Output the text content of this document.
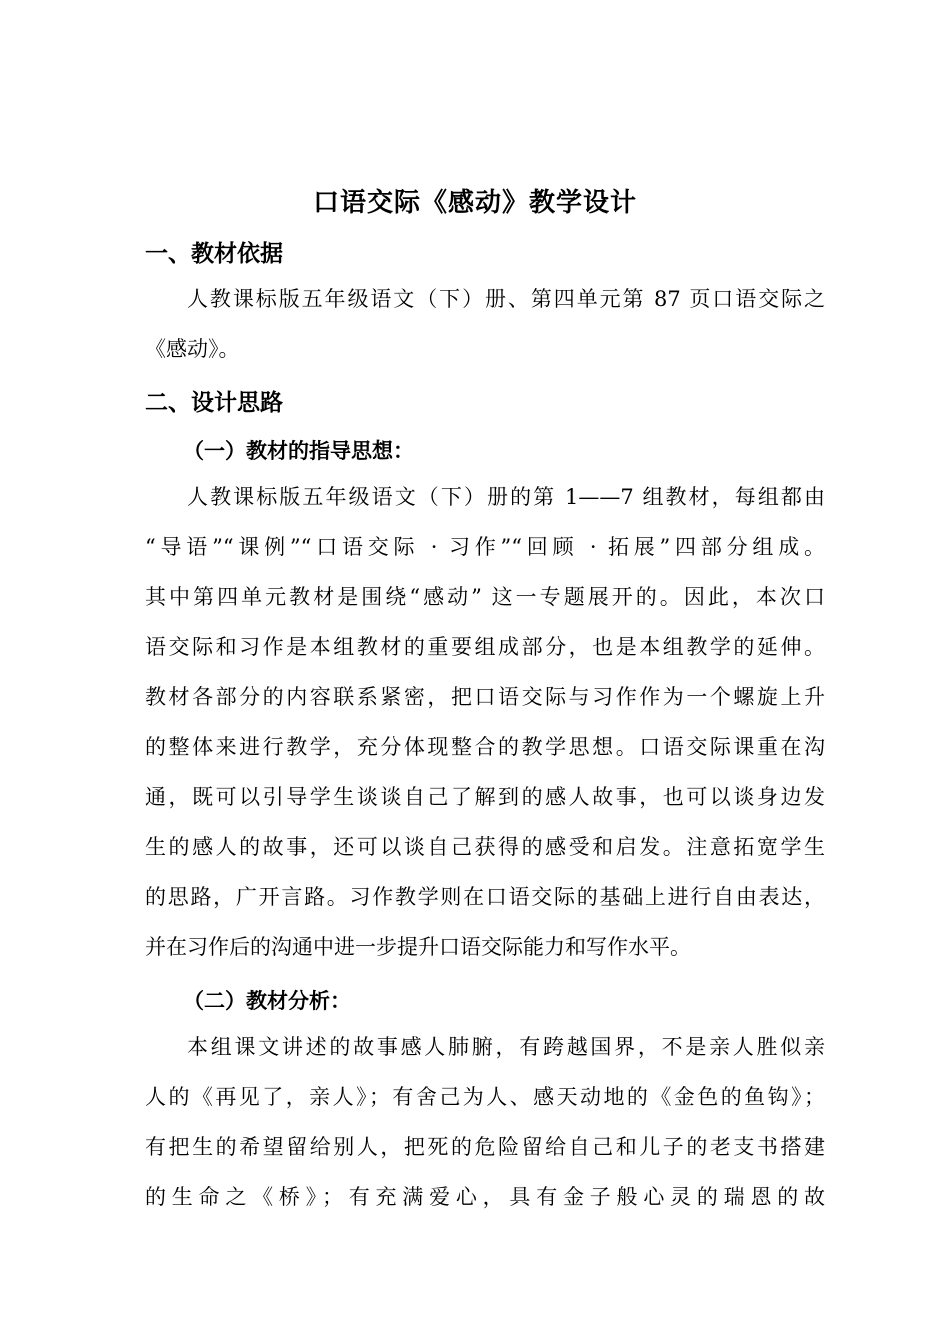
口语交际《感动》教学设计
一、教材依据
人教课标版五年级语文（下）册、第四单元第 87 页口语交际之
《感动》。
二、设计思路
（一）教材的指导思想：
人教课标版五年级语文（下）册的第 1——7 组教材，每组都由
“导语”“课例”“口语交际 · 习作”“回顾 · 拓展”四部分组成。
其中第四单元教材是围绕“感动” 这一专题展开的。因此，本次口
语交际和习作是本组教材的重要组成部分，也是本组教学的延伸。
教材各部分的内容联系紧密，把口语交际与习作作为一个螺旋上升
的整体来进行教学，充分体现整合的教学思想。口语交际课重在沟
通，既可以引导学生谈谈自己了解到的感人故事，也可以谈身边发
生的感人的故事，还可以谈自己获得的感受和启发。注意拓宽学生
的思路，广开言路。习作教学则在口语交际的基础上进行自由表达，
并在习作后的沟通中进一步提升口语交际能力和写作水平。
（二）教材分析：
本组课文讲述的故事感人肺腑，有跨越国界，不是亲人胜似亲
人的《再见了，亲人》；有舍己为人、感天动地的《金色的鱼钩》；
有把生的希望留给别人，把死的危险留给自己和儿子的老支书搭建
的生命之《桥》；有充满爱心，具有金子般心灵的瑞恩的故
